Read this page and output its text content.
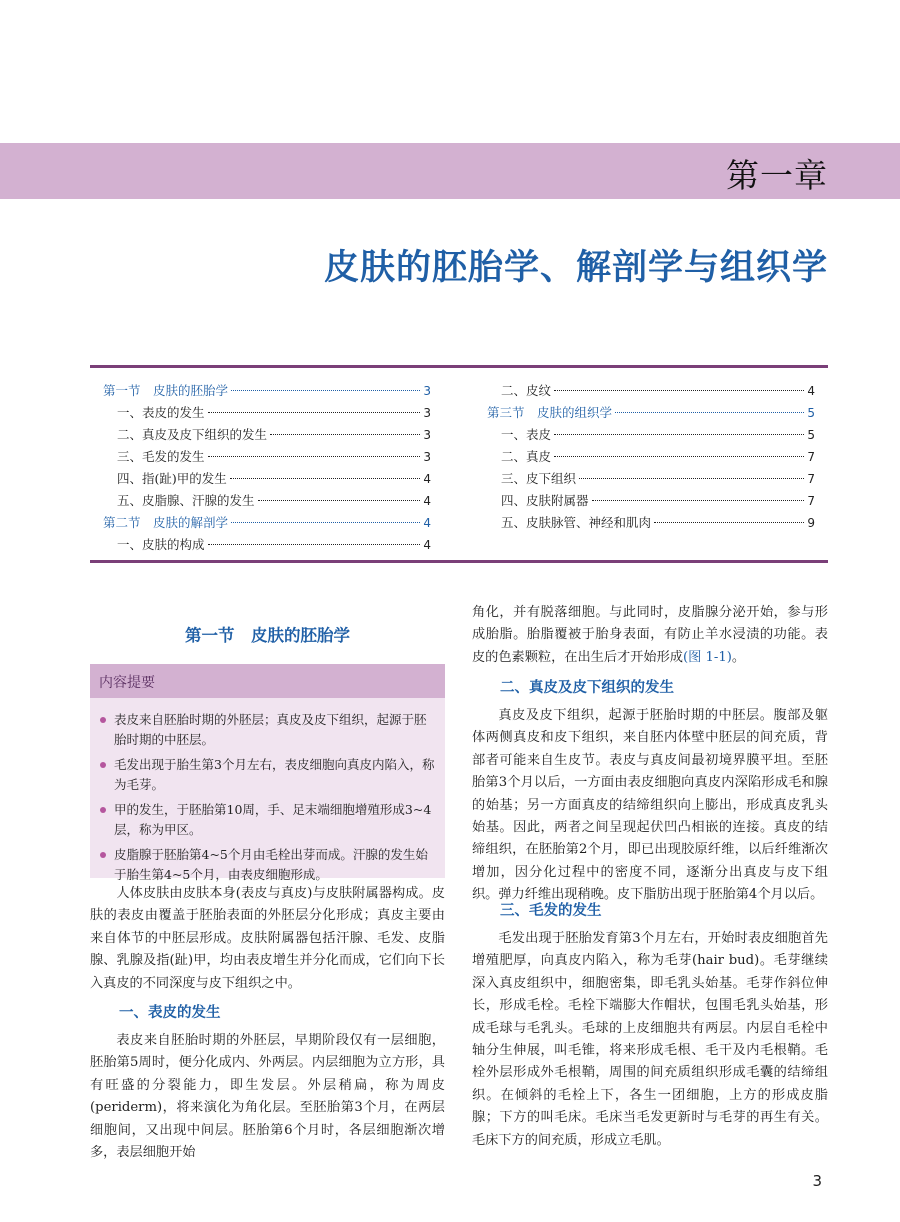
第一章
皮肤的胚胎学、解剖学与组织学
第一节　皮肤的胚胎学	3
一、表皮的发生	3
二、真皮及皮下组织的发生	3
三、毛发的发生	3
四、指(趾)甲的发生	4
五、皮脂腺、汗腺的发生	4
第二节　皮肤的解剖学	4
一、皮肤的构成	4
二、皮纹	4
第三节　皮肤的组织学	5
一、表皮	5
二、真皮	7
三、皮下组织	7
四、皮肤附属器	7
五、皮肤脉管、神经和肌肉	9
第一节　皮肤的胚胎学
内容提要
表皮来自胚胎时期的外胚层；真皮及皮下组织，起源于胚胎时期的中胚层。
毛发出现于胎生第3个月左右，表皮细胞向真皮内陷入，称为毛芽。
甲的发生，于胚胎第10周，手、足末端细胞增殖形成3~4层，称为甲区。
皮脂腺于胚胎第4~5个月由毛栓出芽而成。汗腺的发生始于胎生第4~5个月，由表皮细胞形成。

人体皮肤由皮肤本身(表皮与真皮)与皮肤附属器构成。皮肤的表皮由覆盖于胚胎表面的外胚层分化形成；真皮主要由来自体节的中胚层形成。皮肤附属器包括汗腺、毛发、皮脂腺、乳腺及指(趾)甲，均由表皮增生并分化而成，它们向下长入真皮的不同深度与皮下组织之中。

一、表皮的发生

表皮来自胚胎时期的外胚层，早期阶段仅有一层细胞，胚胎第5周时，便分化成内、外两层。内层细胞为立方形，具有旺盛的分裂能力，即生发层。外层稍扁，称为周皮(periderm)，将来演化为角化层。至胚胎第3个月，在两层细胞间，又出现中间层。胚胎第6个月时，各层细胞渐次增多，表层细胞开始

角化，并有脱落细胞。与此同时，皮脂腺分泌开始，参与形成胎脂。胎脂覆被于胎身表面，有防止羊水浸渍的功能。表皮的色素颗粒，在出生后才开始形成(图 1-1)。

二、真皮及皮下组织的发生

真皮及皮下组织，起源于胚胎时期的中胚层。腹部及躯体两侧真皮和皮下组织，来自胚内体壁中胚层的间充质，背部者可能来自生皮节。表皮与真皮间最初境界膜平坦。至胚胎第3个月以后，一方面由表皮细胞向真皮内深陷形成毛和腺的始基；另一方面真皮的结缔组织向上膨出，形成真皮乳头始基。因此，两者之间呈现起伏凹凸相嵌的连接。真皮的结缔组织，在胚胎第2个月，即已出现胶原纤维，以后纤维渐次增加，因分化过程中的密度不同，逐渐分出真皮与皮下组织。弹力纤维出现稍晚。皮下脂肪出现于胚胎第4个月以后。

三、毛发的发生

毛发出现于胚胎发育第3个月左右，开始时表皮细胞首先增殖肥厚，向真皮内陷入，称为毛芽(hair bud)。毛芽继续深入真皮组织中，细胞密集，即毛乳头始基。毛芽作斜位伸长，形成毛栓。毛栓下端膨大作帽状，包围毛乳头始基，形成毛球与毛乳头。毛球的上皮细胞共有两层。内层自毛栓中轴分生伸展，叫毛锥，将来形成毛根、毛干及内毛根鞘。毛栓外层形成外毛根鞘，周围的间充质组织形成毛囊的结缔组织。在倾斜的毛栓上下，各生一团细胞，上方的形成皮脂腺；下方的叫毛床。毛床当毛发更新时与毛芽的再生有关。毛床下方的间充质，形成立毛肌。

3
